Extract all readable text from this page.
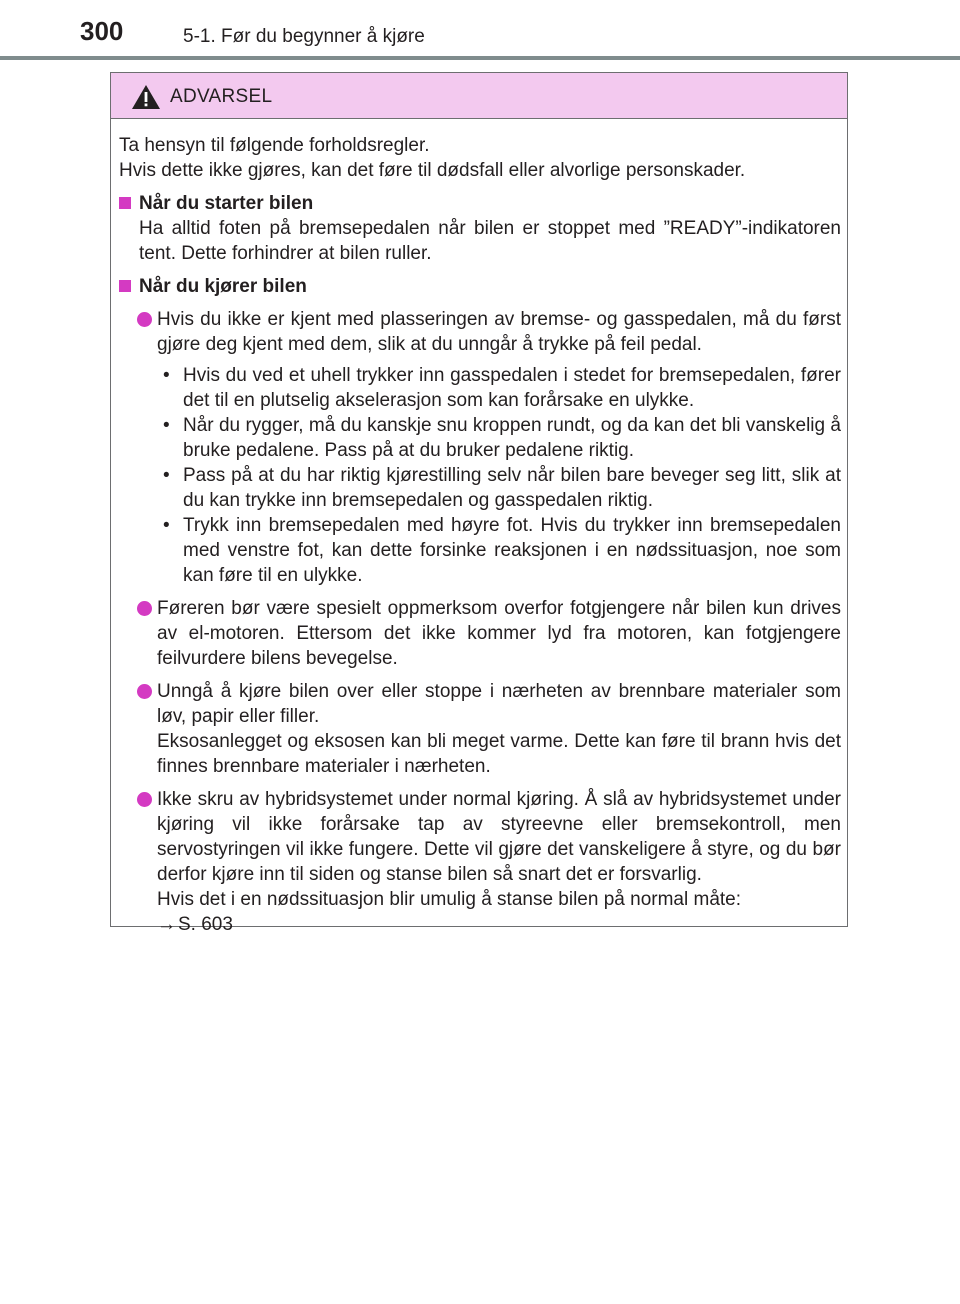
300	5-1. Før du begynner å kjøre
ADVARSEL

Ta hensyn til følgende forholdsregler.

Hvis dette ikke gjøres, kan det føre til dødsfall eller alvorlige personskader.

Når du starter bilen
Ha alltid foten på bremsepedalen når bilen er stoppet med ”READY”-indikatoren tent. Dette forhindrer at bilen ruller.
Når du kjører bilen

Hvis du ikke er kjent med plasseringen av bremse- og gasspedalen, må du først gjøre deg kjent med dem, slik at du unngår å trykke på feil pedal.

• Hvis du ved et uhell trykker inn gasspedalen i stedet for bremsepedalen, fører det til en plutselig akselerasjon som kan forårsake en ulykke.
• Når du rygger, må du kanskje snu kroppen rundt, og da kan det bli vanskelig å bruke pedalene. Pass på at du bruker pedalene riktig.
• Pass på at du har riktig kjørestilling selv når bilen bare beveger seg litt, slik at du kan trykke inn bremsepedalen og gasspedalen riktig.
• Trykk inn bremsepedalen med høyre fot. Hvis du trykker inn bremsepedalen med venstre fot, kan dette forsinke reaksjonen i en nødssituasjon, noe som kan føre til en ulykke.

Føreren bør være spesielt oppmerksom overfor fotgjengere når bilen kun drives av el-motoren. Ettersom det ikke kommer lyd fra motoren, kan fotgjengere feilvurdere bilens bevegelse.

Unngå å kjøre bilen over eller stoppe i nærheten av brennbare materialer som løv, papir eller filler.

Eksosanlegget og eksosen kan bli meget varme. Dette kan føre til brann hvis det finnes brennbare materialer i nærheten.

Ikke skru av hybridsystemet under normal kjøring. Å slå av hybridsystemet under kjøring vil ikke forårsake tap av styreevne eller bremsekontroll, men servostyringen vil ikke fungere. Dette vil gjøre det vanskeligere å styre, og du bør derfor kjøre inn til siden og stanse bilen så snart det er forsvarlig.

Hvis det i en nødssituasjon blir umulig å stanse bilen på normal måte:

→ S. 603
